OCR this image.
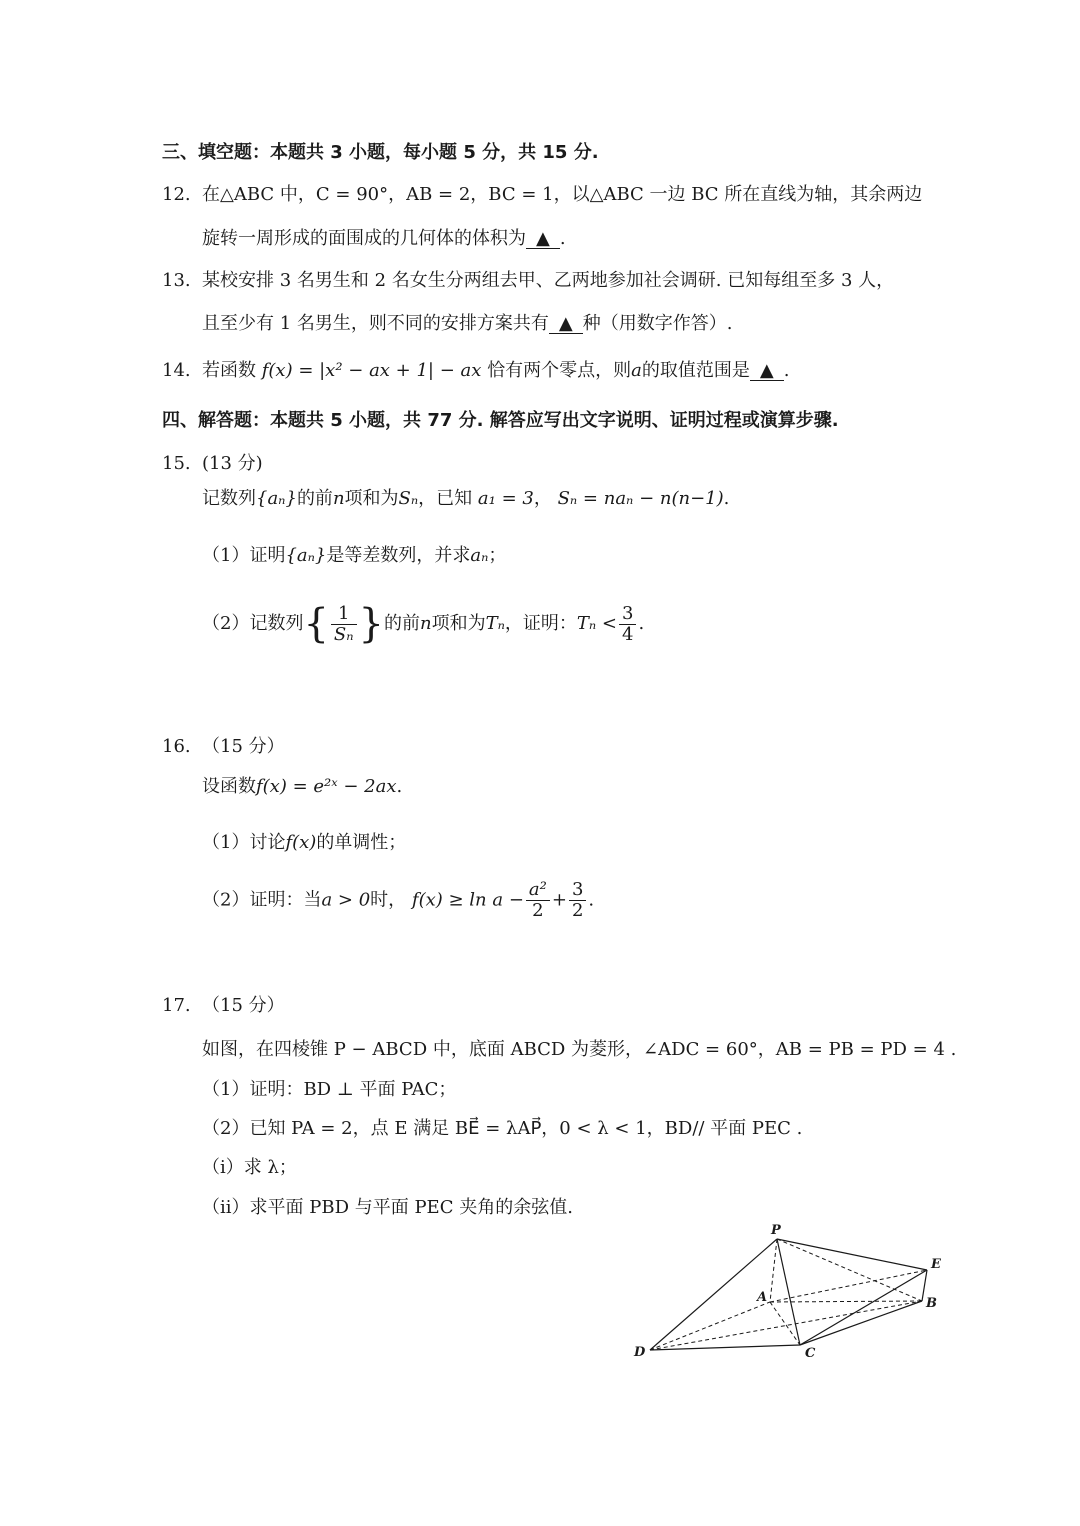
三、填空题：本题共 3 小题，每小题 5 分，共 15 分.
12. 在△ABC 中，C = 90°，AB = 2，BC = 1，以△ABC 一边 BC 所在直线为轴，其余两边
旋转一周形成的面围成的几何体的体积为 ▲ .
13. 某校安排 3 名男生和 2 名女生分两组去甲、乙两地参加社会调研. 已知每组至多 3 人，
且至少有 1 名男生，则不同的安排方案共有 ▲ 种（用数字作答）.
14. 若函数 f(x) = |x² − ax + 1| − ax 恰有两个零点，则a的取值范围是 ▲ .
四、解答题：本题共 5 小题，共 77 分. 解答应写出文字说明、证明过程或演算步骤.
15. (13 分)
记数列{aₙ}的前n项和为Sₙ，已知 a₁ = 3， Sₙ = naₙ − n(n−1).
（1）证明{aₙ}是等差数列，并求aₙ；
（2）记数列{ $\frac{1}{\text{Sₙ}}$ }的前n项和为Tₙ，证明：$T_n < \frac{3}{4}$ .
16. （15 分）
设函数f(x) = e²ˣ − 2ax.
（1）讨论f(x)的单调性；
（2）证明：当a > 0时， $f(x) \ge \ln a - \frac{\text{a²}}{2} + \frac{3}{2}$ .
17. （15 分）
如图，在四棱锥 P − ABCD 中，底面 ABCD 为菱形，∠ADC = 60°，AB = PB = PD = 4 .
（1）证明：BD ⊥ 平面 PAC；
（2）已知 PA = 2，点 E 满足 BE⃗ = λAP⃗，0 < λ < 1，BD// 平面 PEC .
（i）求 λ；
（ii）求平面 PBD 与平面 PEC 夹角的余弦值.
P
E
A	B
D	C
